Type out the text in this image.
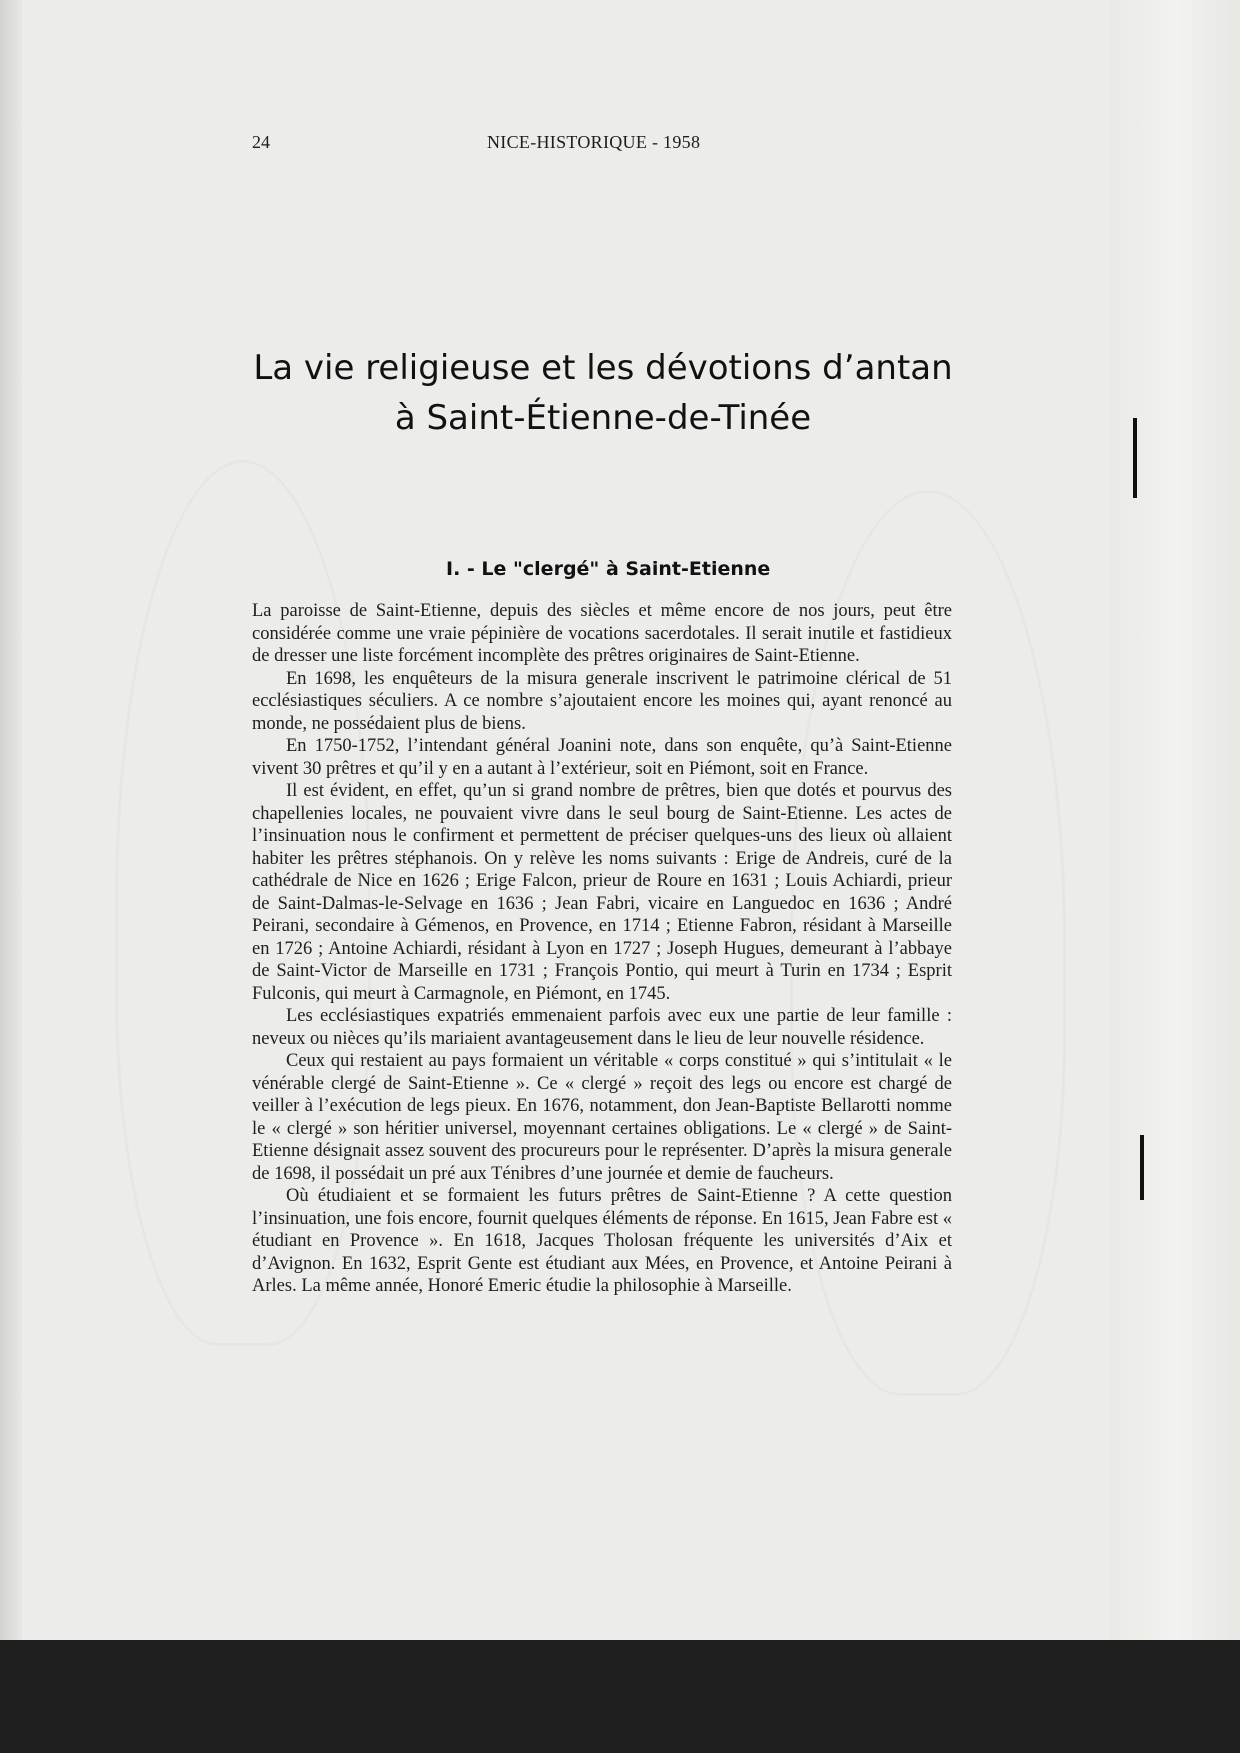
24	NICE-HISTORIQUE - 1958
La vie religieuse et les dévotions d’antan
à Saint-Étienne-de-Tinée
I. - Le "clergé" à Saint-Etienne

La paroisse de Saint-Etienne, depuis des siècles et même encore de nos jours, peut être considérée comme une vraie pépinière de vocations sacerdotales. Il serait inutile et fastidieux de dresser une liste forcément incomplète des prêtres originaires de Saint-Etienne.

En 1698, les enquêteurs de la misura generale inscrivent le patrimoine clérical de 51 ecclésiastiques séculiers. A ce nombre s’ajoutaient encore les moines qui, ayant renoncé au monde, ne possédaient plus de biens.

En 1750-1752, l’intendant général Joanini note, dans son enquête, qu’à Saint-Etienne vivent 30 prêtres et qu’il y en a autant à l’extérieur, soit en Piémont, soit en France.

Il est évident, en effet, qu’un si grand nombre de prêtres, bien que dotés et pourvus des chapellenies locales, ne pouvaient vivre dans le seul bourg de Saint-Etienne. Les actes de l’insinuation nous le confirment et permettent de préciser quelques-uns des lieux où allaient habiter les prêtres stéphanois. On y relève les noms suivants : Erige de Andreis, curé de la cathédrale de Nice en 1626 ; Erige Falcon, prieur de Roure en 1631 ; Louis Achiardi, prieur de Saint-Dalmas-le-Selvage en 1636 ; Jean Fabri, vicaire en Languedoc en 1636 ; André Peirani, secondaire à Gémenos, en Provence, en 1714 ; Etienne Fabron, résidant à Marseille en 1726 ; Antoine Achiardi, résidant à Lyon en 1727 ; Joseph Hugues, demeurant à l’abbaye de Saint-Victor de Marseille en 1731 ; François Pontio, qui meurt à Turin en 1734 ; Esprit Fulconis, qui meurt à Carmagnole, en Piémont, en 1745.

Les ecclésiastiques expatriés emmenaient parfois avec eux une partie de leur famille : neveux ou nièces qu’ils mariaient avantageusement dans le lieu de leur nouvelle résidence.

Ceux qui restaient au pays formaient un véritable « corps constitué » qui s’intitulait « le vénérable clergé de Saint-Etienne ». Ce « clergé » reçoit des legs ou encore est chargé de veiller à l’exécution de legs pieux. En 1676, notamment, don Jean-Baptiste Bellarotti nomme le « clergé » son héritier universel, moyennant certaines obligations. Le « clergé » de Saint-Etienne désignait assez souvent des procureurs pour le représenter. D’après la misura generale de 1698, il possédait un pré aux Ténibres d’une journée et demie de faucheurs.

Où étudiaient et se formaient les futurs prêtres de Saint-Etienne ? A cette question l’insinuation, une fois encore, fournit quelques éléments de réponse. En 1615, Jean Fabre est « étudiant en Provence ». En 1618, Jacques Tholosan fréquente les universités d’Aix et d’Avignon. En 1632, Esprit Gente est étudiant aux Mées, en Provence, et Antoine Peirani à Arles. La même année, Honoré Emeric étudie la philosophie à Marseille.
